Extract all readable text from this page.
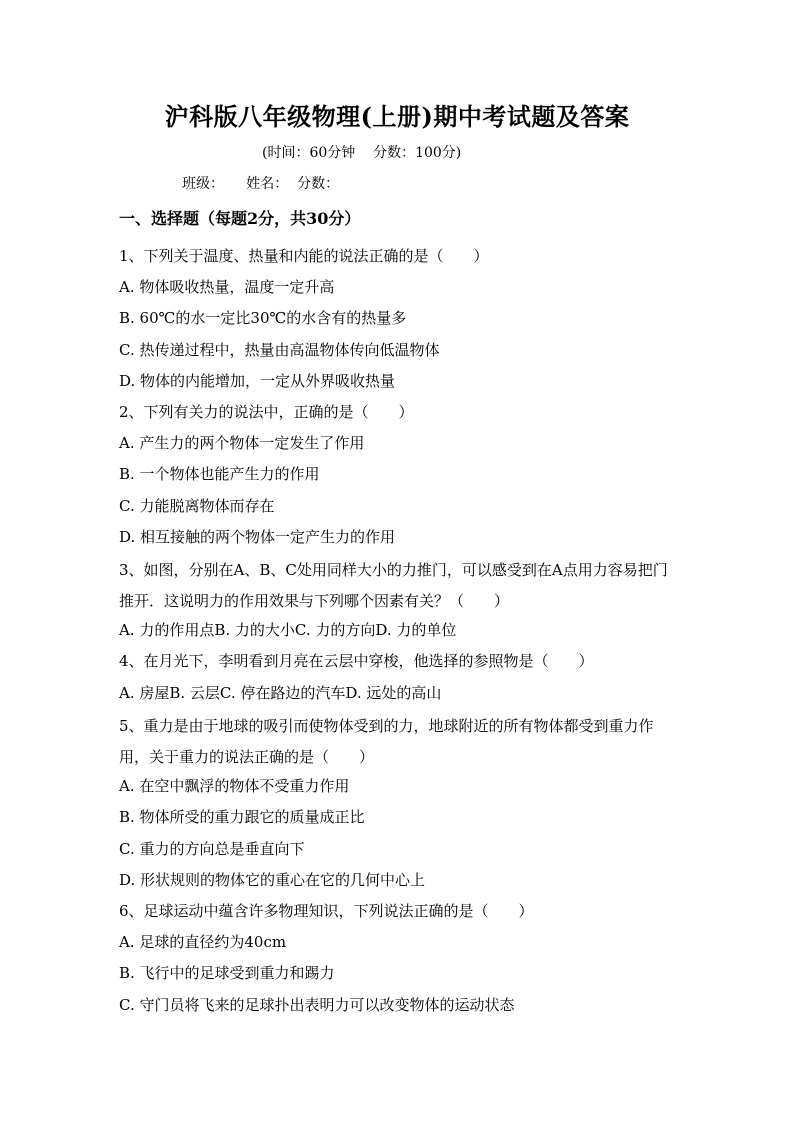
沪科版八年级物理(上册)期中考试题及答案
(时间：60分钟    分数：100分)
班级：     姓名：  分数：
一、选择题（每题2分，共30分）
1、下列关于温度、热量和内能的说法正确的是（　　）
A. 物体吸收热量，温度一定升高
B. 60℃的水一定比30℃的水含有的热量多
C. 热传递过程中，热量由高温物体传向低温物体
D. 物体的内能增加，一定从外界吸收热量
2、下列有关力的说法中，正确的是（　　）
A. 产生力的两个物体一定发生了作用
B. 一个物体也能产生力的作用
C. 力能脱离物体而存在
D. 相互接触的两个物体一定产生力的作用
3、如图，分别在A、B、C处用同样大小的力推门，可以感受到在A点用力容易把门推开．这说明力的作用效果与下列哪个因素有关？（　　）
A. 力的作用点B. 力的大小C. 力的方向D. 力的单位
4、在月光下，李明看到月亮在云层中穿梭，他选择的参照物是（　　）
A. 房屋B. 云层C. 停在路边的汽车D. 远处的高山
5、重力是由于地球的吸引而使物体受到的力，地球附近的所有物体都受到重力作用，关于重力的说法正确的是（　　）
A. 在空中飘浮的物体不受重力作用
B. 物体所受的重力跟它的质量成正比
C. 重力的方向总是垂直向下
D. 形状规则的物体它的重心在它的几何中心上
6、足球运动中蕴含许多物理知识，下列说法正确的是（　　）
A. 足球的直径约为40cm
B. 飞行中的足球受到重力和踢力
C. 守门员将飞来的足球扑出表明力可以改变物体的运动状态
